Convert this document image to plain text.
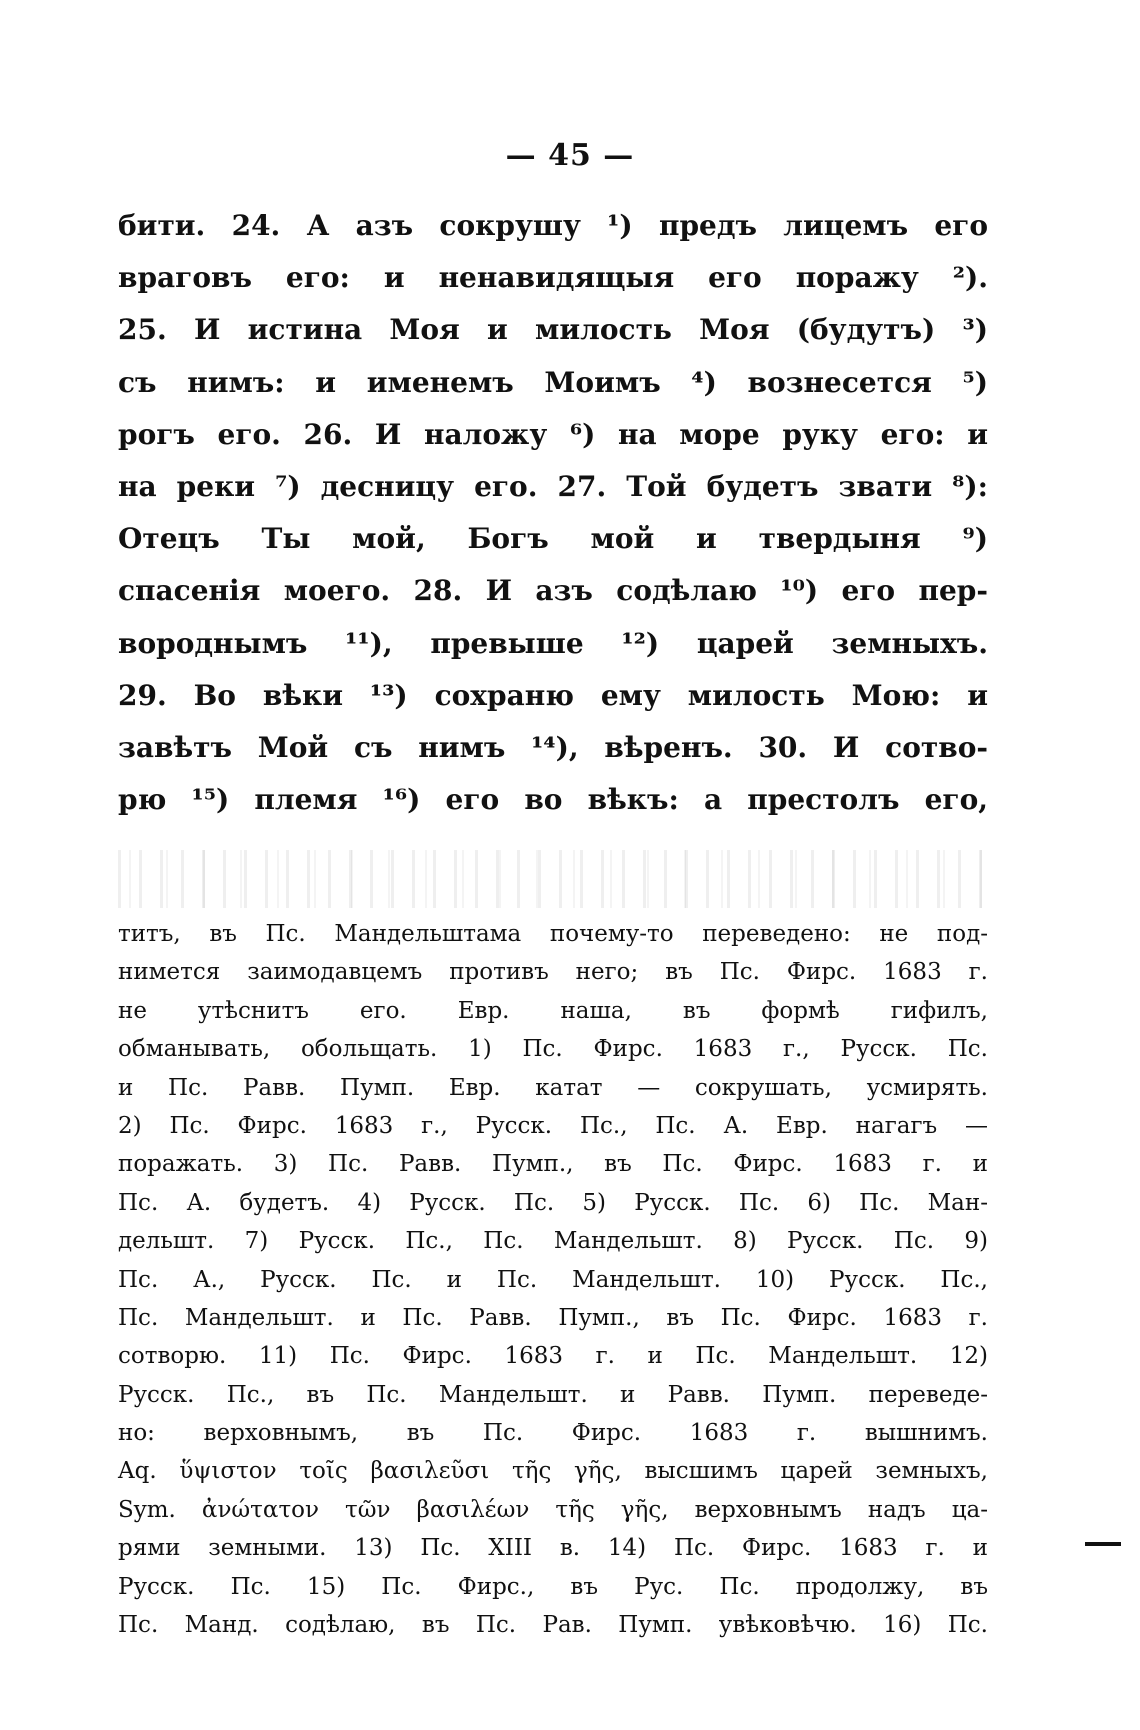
— 45 —
бити. 24. А азъ сокрушу ¹) предъ лицемъ его
враговъ его: и ненавидящыя его поражу ²).
25. И истина Моя и милость Моя (будутъ) ³)
съ нимъ: и именемъ Моимъ ⁴) вознесется ⁵)
рогъ его. 26. И наложу ⁶) на море руку его: и
на реки ⁷) десницу его. 27. Той будетъ звати ⁸):
Отецъ Ты мой, Богъ мой и твердыня ⁹)
спасенія моего. 28. И азъ содѣлаю ¹⁰) его пер-
вороднымъ ¹¹), превыше ¹²) царей земныхъ.
29. Во вѣки ¹³) сохраню ему милость Мою: и
завѣтъ Мой съ нимъ ¹⁴), вѣренъ. 30. И сотво-
рю ¹⁵) племя ¹⁶) его во вѣкъ: а престолъ его,
титъ, въ Пс. Мандельштама почему-то переведено: не под-
нимется заимодавцемъ противъ него; въ Пс. Фирс. 1683 г.
не утѣснитъ его. Евр. наша, въ формѣ гифилъ,
обманывать, обольщать. 1) Пс. Фирс. 1683 г., Русск. Пс.
и Пс. Равв. Пумп. Евр. катат — сокрушать, усмирять.
2) Пс. Фирс. 1683 г., Русск. Пс., Пс. А. Евр. нагагъ —
поражать. 3) Пс. Равв. Пумп., въ Пс. Фирс. 1683 г. и
Пс. А. будетъ. 4) Русск. Пс. 5) Русск. Пс. 6) Пс. Ман-
дельшт. 7) Русск. Пс., Пс. Мандельшт. 8) Русск. Пс. 9)
Пс. А., Русск. Пс. и Пс. Мандельшт. 10) Русск. Пс.,
Пс. Мандельшт. и Пс. Равв. Пумп., въ Пс. Фирс. 1683 г.
сотворю. 11) Пс. Фирс. 1683 г. и Пс. Мандельшт. 12)
Русск. Пс., въ Пс. Мандельшт. и Равв. Пумп. переведе-
но: верховнымъ, въ Пс. Фирс. 1683 г. вышнимъ.
Aq. ὕψιστον τοῖς βασιλεῦσι τῆς γῆς, высшимъ царей земныхъ,
Sym. ἀνώτατον τῶν βασιλέων τῆς γῆς, верховнымъ надъ ца-
рями земными. 13) Пс. XIII в. 14) Пс. Фирс. 1683 г. и
Русск. Пс. 15) Пс. Фирс., въ Рус. Пс. продолжу, въ
Пс. Манд. содѣлаю, въ Пс. Рав. Пумп. увѣковѣчю. 16) Пс.
